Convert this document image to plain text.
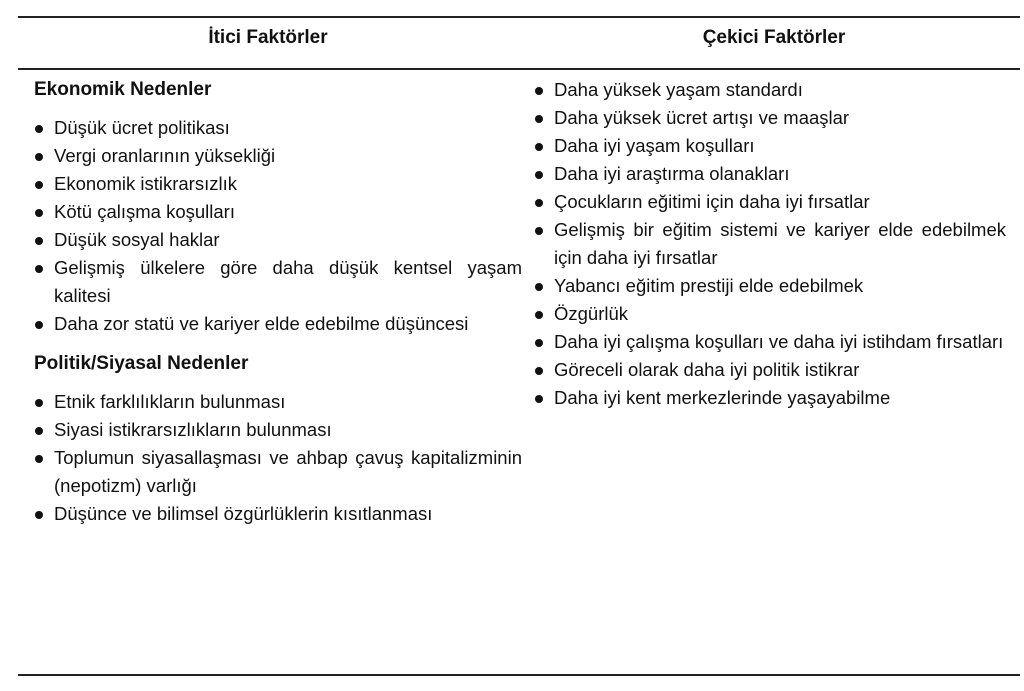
İtici Faktörler	Çekici Faktörler
Ekonomik Nedenler
Düşük ücret politikası
Vergi oranlarının yüksekliği
Ekonomik istikrarsızlık
Kötü çalışma koşulları
Düşük sosyal haklar
Gelişmiş ülkelere göre daha düşük kentsel yaşam kalitesi
Daha zor statü ve kariyer elde edebilme düşüncesi
Politik/Siyasal Nedenler
Etnik farklılıkların bulunması
Siyasi istikrarsızlıkların bulunması
Toplumun siyasallaşması ve ahbap çavuş kapitalizminin (nepotizm) varlığı
Düşünce ve bilimsel özgürlüklerin kısıtlanması
Daha yüksek yaşam standardı
Daha yüksek ücret artışı ve maaşlar
Daha iyi yaşam koşulları
Daha iyi araştırma olanakları
Çocukların eğitimi için daha iyi fırsatlar
Gelişmiş bir eğitim sistemi ve kariyer elde edebilmek için daha iyi fırsatlar
Yabancı eğitim prestiji elde edebilmek
Özgürlük
Daha iyi çalışma koşulları ve daha iyi istihdam fırsatları
Göreceli olarak daha iyi politik istikrar
Daha iyi kent merkezlerinde yaşayabilme
